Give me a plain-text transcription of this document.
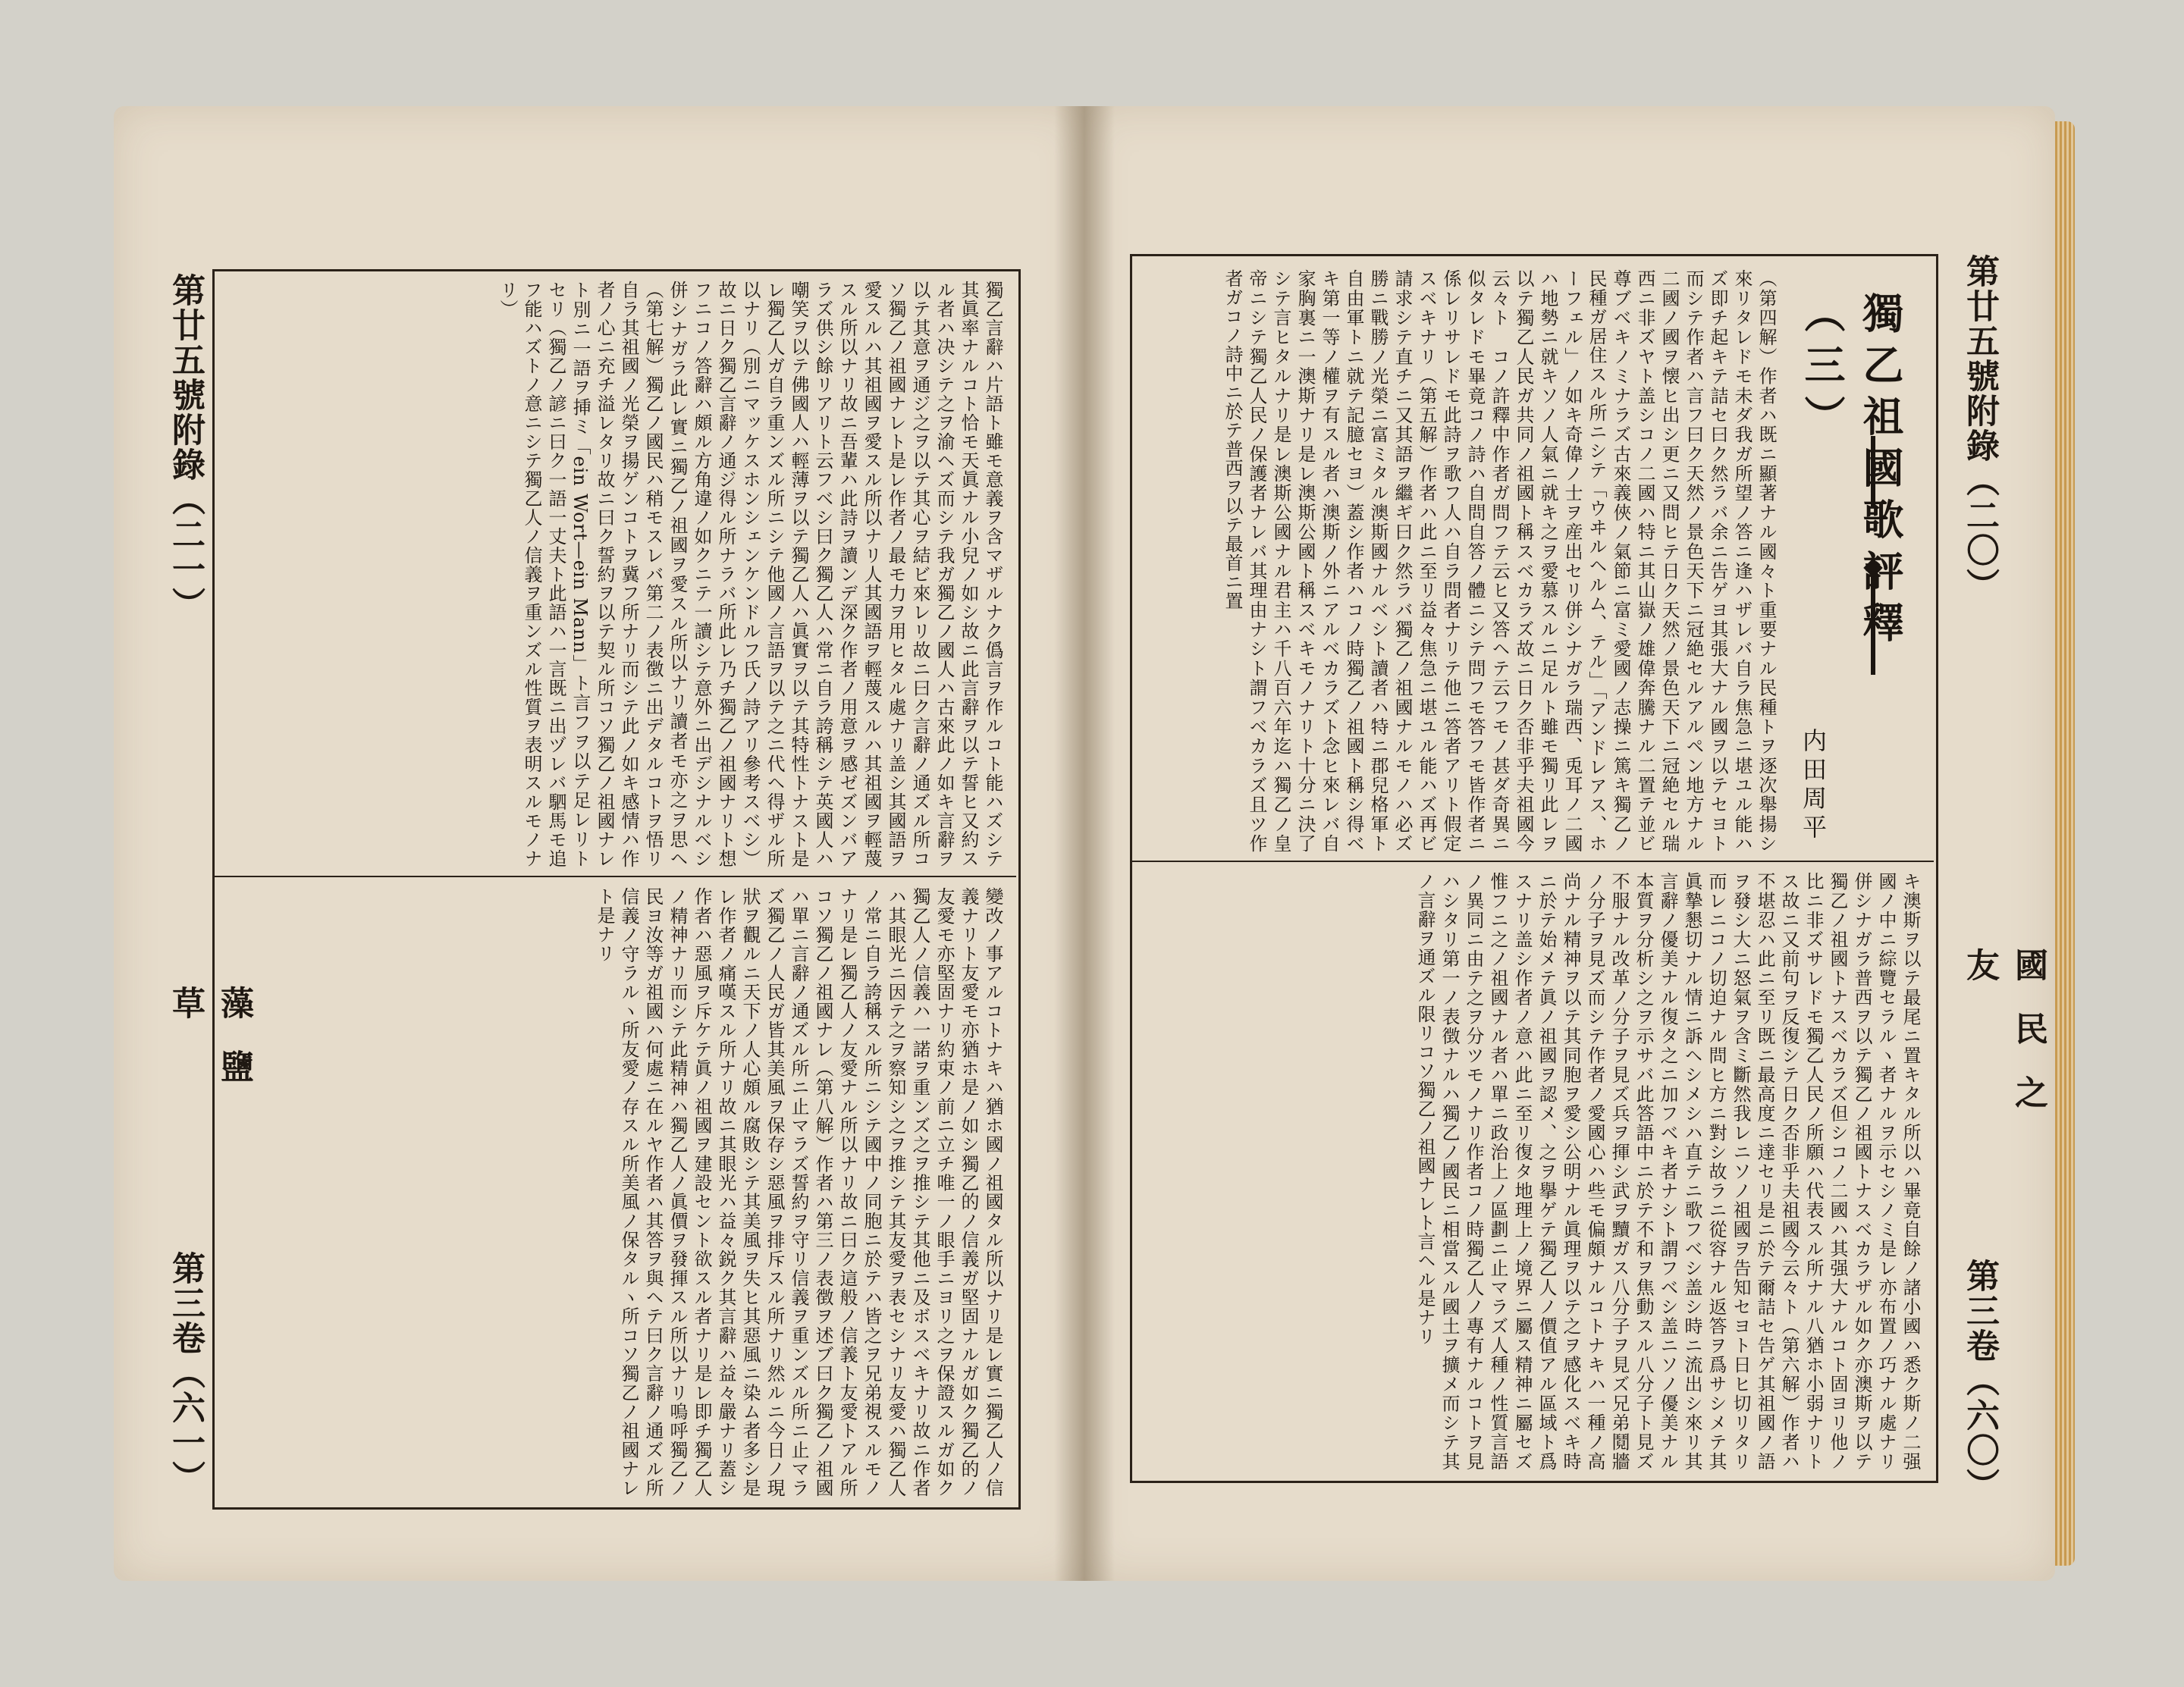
獨乙言辭ハ片語ト雖モ意義ヲ含マザルナク僞言ヲ作ルコト能ハズシテ其眞率ナルコト恰モ天眞ナル小兒ノ如シ故ニ此言辭ヲ以テ誓ヒ又約スル者ハ决シテ之ヲ渝ヘズ而シテ我ガ獨乙ノ國人ハ古來此ノ如キ言辭ヲ以テ其意ヲ通ジ之ヲ以テ其心ヲ結ビ來レリ故ニ曰ク言辭ノ通ズル所コソ獨乙ノ祖國ナレト是レ作者ノ最モ力ヲ用ヒタル處ナリ盖シ其國語ヲ愛スルハ其祖國ヲ愛スル所以ナリ人其國語ヲ輕蔑スルハ其祖國ヲ輕蔑スル所以ナリ故ニ吾輩ハ此詩ヲ讀ンデ深ク作者ノ用意ヲ感ゼズンバアラズ供シ餘リアリト云フベシ曰ク獨乙人ハ常ニ自ラ誇稱シテ英國人ハ嘲笑ヲ以テ佛國人ハ輕薄ヲ以テ獨乙人ハ眞實ヲ以テ其特性トナスト是レ獨乙人ガ自ラ重ンズル所ニシテ他國ノ言語ヲ以テ之ニ代ヘ得ザル所以ナリ（別ニマッケスホンシェンケンドルフ氏ノ詩アリ參考スベシ）故ニ日ク獨乙言辭ノ通ジ得ル所ナラバ所此レ乃チ獨乙ノ祖國ナリト想フニコノ答辭ハ頗ル方角違ノ如クニテ一讀シテ意外ニ出デシナルベシ併シナガラ此レ實ニ獨乙ノ祖國ヲ愛スル所以ナリ讀者モ亦之ヲ思ヘ（第七解）獨乙ノ國民ハ稍モスレバ第二ノ表徴ニ出デタルコトヲ悟リ自ラ其祖國ノ光榮ヲ揚ゲンコトヲ冀フ所ナリ而シテ此ノ如キ感情ハ作者ノ心ニ充チ溢レタリ故ニ曰ク誓約ヲ以テ契ル所コソ獨乙ノ祖國ナレト別ニ一語ヲ挿ミ「ein Wort—ein Mann」ト言フヲ以テ足レリトセリ（獨乙ノ諺ニ曰ク一語一丈夫ト此語ハ一言既ニ出ヅレバ駟馬モ追フ能ハズトノ意ニシテ獨乙人ノ信義ヲ重ンズル性質ヲ表明スルモノナリ）
變改ノ事アルコトナキハ猶ホ國ノ祖國タル所以ナリ是レ實ニ獨乙人ノ信義ナリト友愛モ亦猶ホ是ノ如シ獨乙的ノ信義ガ堅固ナルガ如ク獨乙的ノ友愛モ亦堅固ナリ約束ノ前ニ立チ唯一ノ眼手ニヨリ之ヲ保證スルガ如ク獨乙人ノ信義ハ一諾ヲ重ンズ之ヲ推シテ其他ニ及ボスベキナリ故ニ作者ハ其眼光ニ因テ之ヲ察知シ之ヲ推シテ其友愛ヲ表セシナリ友愛ハ獨乙人ノ常ニ自ラ誇稱スル所ニシテ國中ノ同胞ニ於テハ皆之ヲ兄弟視スルモノナリ是レ獨乙人ノ友愛ナル所以ナリ故ニ曰ク這般ノ信義ト友愛トアル所コソ獨乙ノ祖國ナレ（第八解）作者ハ第三ノ表徴ヲ述ブ曰ク獨乙ノ祖國ハ單ニ言辭ノ通ズル所ニ止マラズ誓約ヲ守リ信義ヲ重ンズル所ニ止マラズ獨乙ノ人民ガ皆其美風ヲ保存シ惡風ヲ排斥スル所ナリ然ルニ今日ノ現狀ヲ觀ルニ天下ノ人心頗ル腐敗シテ其美風ヲ失ヒ其惡風ニ染ム者多シ是レ作者ノ痛嘆スル所ナリ故ニ其眼光ハ益々鋭ク其言辭ハ益々嚴ナリ蓋シ作者ハ惡風ヲ斥ケテ眞ノ祖國ヲ建設セント欲スル者ナリ是レ即チ獨乙人ノ精神ナリ而シテ此精神ハ獨乙人ノ眞價ヲ發揮スル所以ナリ嗚呼獨乙ノ民ヨ汝等ガ祖國ハ何處ニ在ルヤ作者ハ其答ヲ與ヘテ曰ク言辭ノ通ズル所信義ノ守ラルヽ所友愛ノ存スル所美風ノ保タルヽ所コソ獨乙ノ祖國ナレト是ナリ
第廿五號附錄（二一）
藻鹽草
第三卷（六一）
第廿五號附錄（二〇）
國民之友
第三卷（六〇）
獨乙祖國歌評釋（三）
内田周平
（第四解）作者ハ既ニ顯著ナル國々ト重要ナル民種トヲ逐次舉揚シ來リタレドモ未ダ我ガ所望ノ答ニ逢ハザレバ自ラ焦急ニ堪ユル能ハズ即チ起キテ詰セ曰ク然ラバ余ニ告ゲヨ其張大ナル國ヲ以テセヨト而シテ作者ハ言フ曰ク天然ノ景色天下ニ冠絶セルアルペン地方ナル二國ノ國ヲ懐ヒ出シ更ニ又問ヒテ日ク天然ノ景色天下ニ冠絶セル瑞西ニ非ズヤト盖シコノ二國ハ特ニ其山嶽ノ雄偉奔騰ナル二置テ並ビ尊ブベキノミナラズ古來義俠ノ氣節ニ富ミ愛國ノ志操ニ篤キ獨乙ノ民種ガ居住スル所ニシテ「ウヰルヘルム、テル」「アンドレアス、ホーフェル」ノ如キ奇偉ノ士ヲ産出セリ併シナガラ瑞西、兎耳ノ二國ハ地勢ニ就キソノ人氣ニ就キ之ヲ愛慕スルニ足ルト雖モ獨リ此レヲ以テ獨乙人民ガ共同ノ祖國ト稱スベカラズ故ニ日ク否非乎夫祖國今云々ト　コノ許釋中作者ガ問フテ云ヒ又答ヘテ云フモノ甚ダ奇異ニ似タレドモ畢竟コノ詩ハ自問自答ノ體ニシテ問フモ答フモ皆作者ニ係レリサレドモ此詩ヲ歌フ人ハ自ラ問者ナリテ他ニ答者アリト假定スベキナリ（第五解）作者ハ此ニ至リ益々焦急ニ堪ユル能ハズ再ビ請求シテ直チニ又其語ヲ繼ギ曰ク然ラバ獨乙ノ祖國ナルモノハ必ズ勝ニ戰勝ノ光榮ニ富ミタル澳斯國ナルベシト讀者ハ特ニ郡兒格軍ト自由軍トニ就テ記臆セヨ）蓋シ作者ハコノ時獨乙ノ祖國ト稱シ得ベキ第一等ノ權ヲ有スル者ハ澳斯ノ外ニアルベカラズト念ヒ來レバ自家胸裏ニ一澳斯ナリ是レ澳斯公國ト稱スベキモノナリト十分ニ決了シテ言ヒタルナリ是レ澳斯公國ナル君主ハ千八百六年迄ハ獨乙ノ皇帝ニシテ獨乙人民ノ保護者ナレバ其理由ナシト謂フベカラズ且ツ作者ガコノ詩中ニ於テ普西ヲ以テ最首ニ置
キ澳斯ヲ以テ最尾ニ置キタル所以ハ畢竟自餘ノ諸小國ハ悉ク斯ノ二强國ノ中ニ綜覽セラルヽ者ナルヲ示セシノミ是レ亦布置ノ巧ナル處ナリ併シナガラ普西ヲ以テ獨乙ノ祖國トナスベカラザル如ク亦澳斯ヲ以テ獨乙ノ祖國トナスベカラズ但シコノ二國ハ其强大ナルコト固ヨリ他ノ比ニ非ズサレドモ獨乙人民ノ所願ハ代表スル所ナル八猶ホ小弱ナリトス故ニ又前句ヲ反復シテ日ク否非乎夫祖國今云々ト（第六解）作者ハ不堪忍ハ此ニ至リ既ニ最高度ニ達セリ是ニ於テ爾詰セ告ゲ其祖國ノ語ヲ發シ大ニ怒氣ヲ含ミ斷然我レニソノ祖國ヲ告知セヨト日ヒ切リタリ而レニコノ切迫ナル問ヒ方ニ對シ故ラニ從容ナル返答ヲ爲サシメテ其眞摯懇切ナル情ニ訴ヘシメシハ直テニ歌フベシ盖シ時ニ流出シ來リ其言辭ノ優美ナル復タ之ニ加フベキ者ナシト謂フベシ盖ニソノ優美ナル本質ヲ分析シ之ヲ示サバ此答語中ニ於テ不和ヲ焦動スル八分子ト見ズ不服ナル改革ノ分子ヲ見ズ兵ヲ揮シ武ヲ黷ガス八分子ヲ見ズ兄弟鬩牆ノ分子ヲ見ズ而シテ作者ノ愛國心ハ些モ偏頗ナルコトナキハ一種ノ高尚ナル精神ヲ以テ其同胞ヲ愛シ公明ナル眞理ヲ以テ之ヲ感化スベキ時ニ於テ始メテ眞ノ祖國ヲ認メ、之ヲ擧ゲテ獨乙人ノ價值アル區域ト爲スナリ盖シ作者ノ意ハ此ニ至リ復タ地理上ノ境界ニ屬ス精神ニ屬セズ惟フニ之ノ祖國ナル者ハ單ニ政治上ノ區劃ニ止マラズ人種ノ性質言語ノ異同ニ由テ之ヲ分ツモノナリ作者コノ時獨乙人ノ專有ナルコトヲ見ハシタリ第一ノ表徴ナルハ獨乙ノ國民ニ相當スル國土ヲ擴メ而シテ其ノ言辭ヲ通ズル限リコソ獨乙ノ祖國ナレト言ヘル是ナリ
